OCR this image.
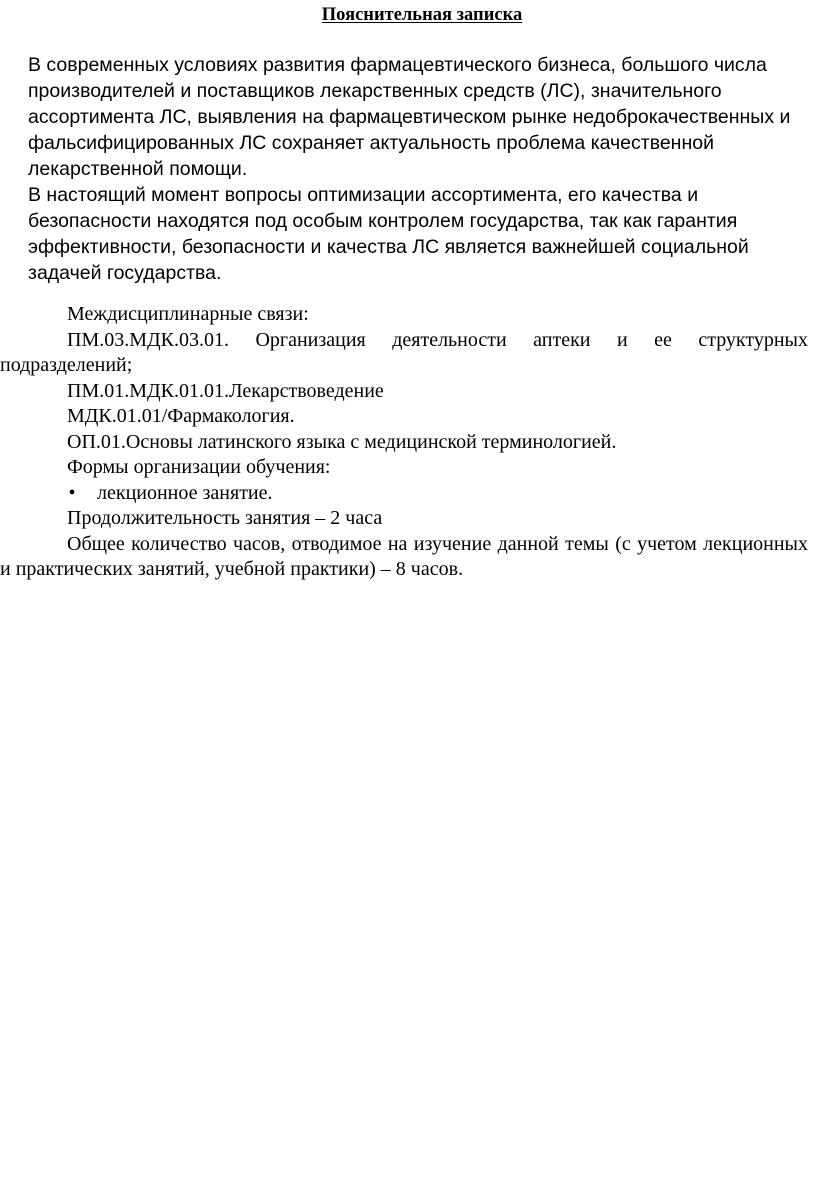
Пояснительная записка

В современных условиях развития фармацевтического бизнеса, большого числа производителей и поставщиков лекарственных средств (ЛС), значительного ассортимента ЛС, выявления на фармацевтическом рынке недоброкачественных и фальсифицированных ЛС сохраняет актуальность проблема качественной лекарственной помощи.

В настоящий момент вопросы оптимизации ассортимента, его качества и безопасности находятся под особым контролем государства, так как гарантия эффективности, безопасности и качества ЛС является важнейшей социальной задачей государства.

Междисциплинарные связи:

ПМ.03.МДК.03.01. Организация деятельности аптеки и ее структурных подразделений;

ПМ.01.МДК.01.01.Лекарствоведение

МДК.01.01/Фармакология.

ОП.01.Основы латинского языка с медицинской терминологией.

Формы организации обучения:

• лекционное занятие.

Продолжительность занятия – 2 часа

Общее количество часов, отводимое на изучение данной темы (с учетом лекционных и практических занятий, учебной практики) – 8 часов.
